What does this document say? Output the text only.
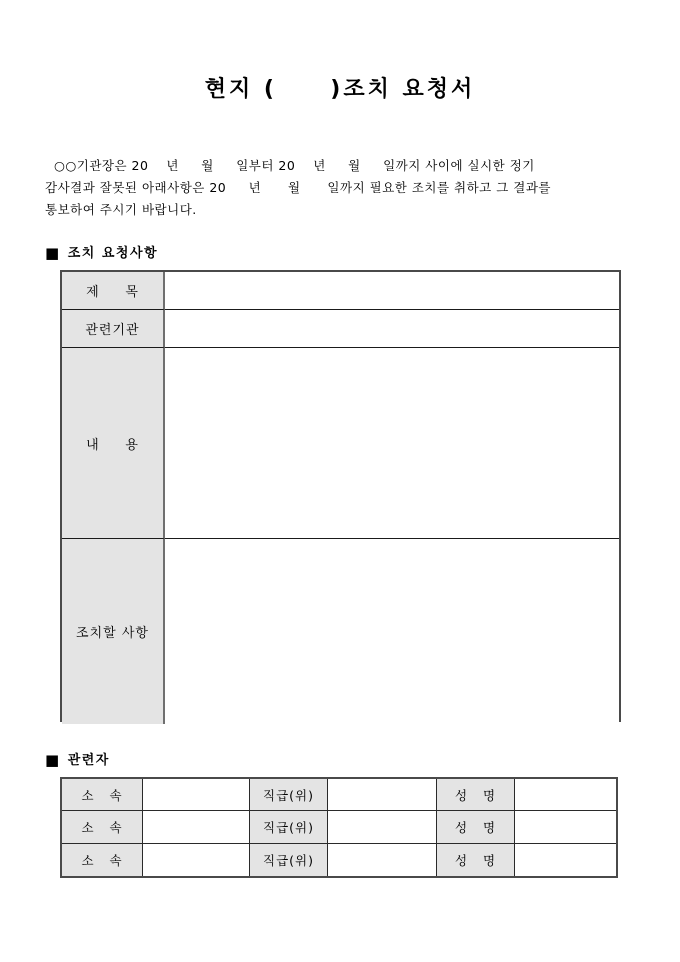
현지 (     )조치 요청서
○○기관장은 20    년     월     일부터 20    년     월     일까지 사이에 실시한 정기
감사결과 잘못된 아래사항은 20     년      월      일까지 필요한 조치를 취하고 그 결과를
통보하여 주시기 바랍니다.
■ 조치 요청사항
제     목
관련기관
내     용
조치할 사항
■ 관련자
소   속	직급(위)	성   명
소   속	직급(위)	성   명
소   속	직급(위)	성   명
